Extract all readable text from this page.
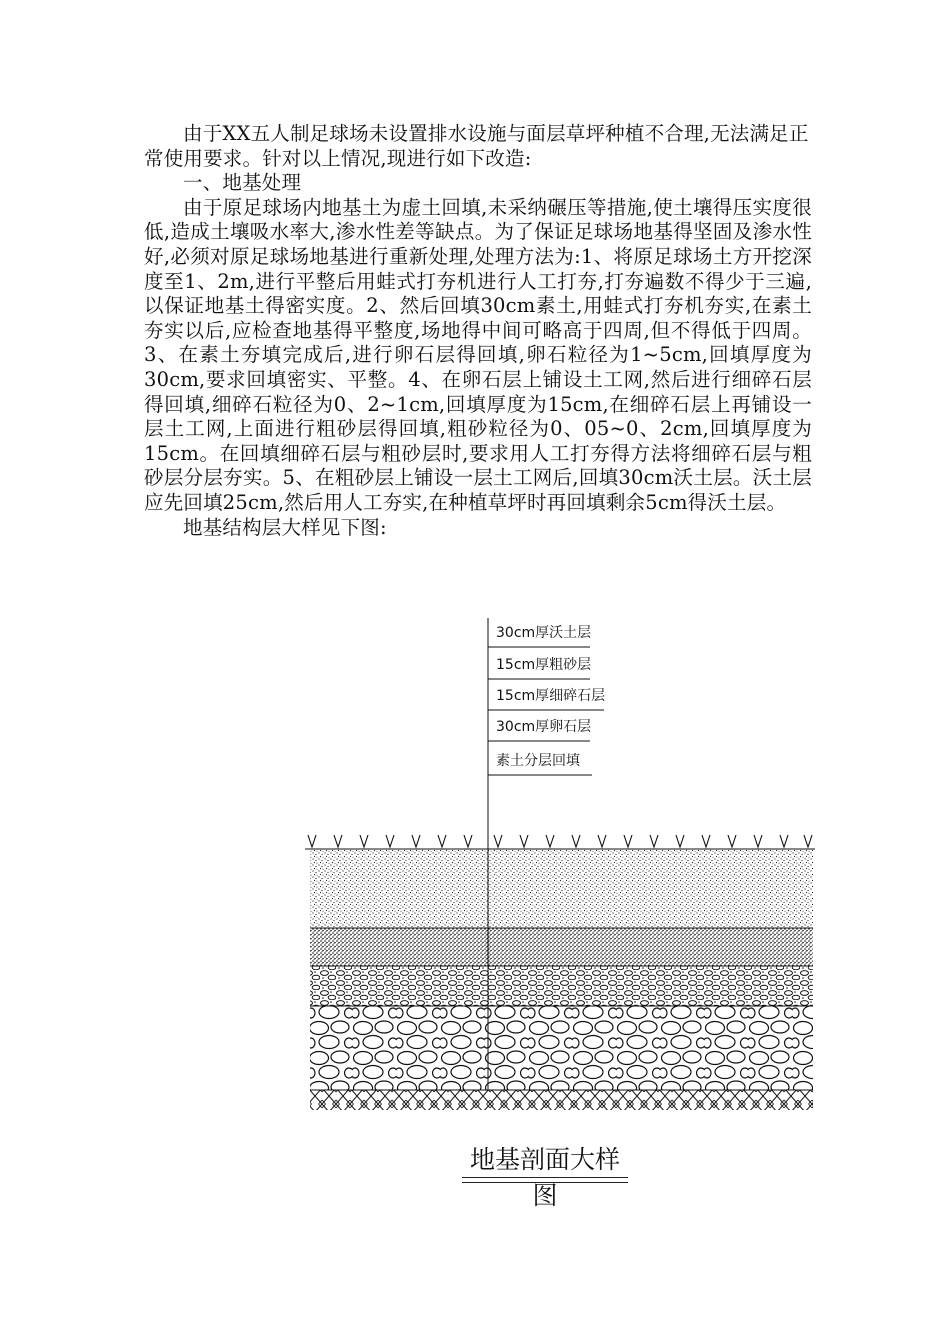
由于XX五人制足球场未设置排水设施与面层草坪种植不合理,无法满足正常使用要求。针对以上情况,现进行如下改造:

一、地基处理

由于原足球场内地基土为虚土回填,未采纳碾压等措施,使土壤得压实度很低,造成土壤吸水率大,渗水性差等缺点。为了保证足球场地基得坚固及渗水性好,必须对原足球场地基进行重新处理,处理方法为:1、将原足球场土方开挖深度至1、2m,进行平整后用蛙式打夯机进行人工打夯,打夯遍数不得少于三遍,以保证地基土得密实度。2、然后回填30cm素土,用蛙式打夯机夯实,在素土夯实以后,应检查地基得平整度,场地得中间可略高于四周,但不得低于四周。3、在素土夯填完成后,进行卵石层得回填,卵石粒径为1~5cm,回填厚度为30cm,要求回填密实、平整。4、在卵石层上铺设土工网,然后进行细碎石层得回填,细碎石粒径为0、2~1cm,回填厚度为15cm,在细碎石层上再铺设一层土工网,上面进行粗砂层得回填,粗砂粒径为0、05~0、2cm,回填厚度为15cm。在回填细碎石层与粗砂层时,要求用人工打夯得方法将细碎石层与粗砂层分层夯实。5、在粗砂层上铺设一层土工网后,回填30cm沃土层。沃土层应先回填25cm,然后用人工夯实,在种植草坪时再回填剩余5cm得沃土层。

地基结构层大样见下图:

30cm厚沃土层
15cm厚粗砂层
15cm厚细碎石层
30cm厚卵石层
素土分层回填
地基剖面大样图
